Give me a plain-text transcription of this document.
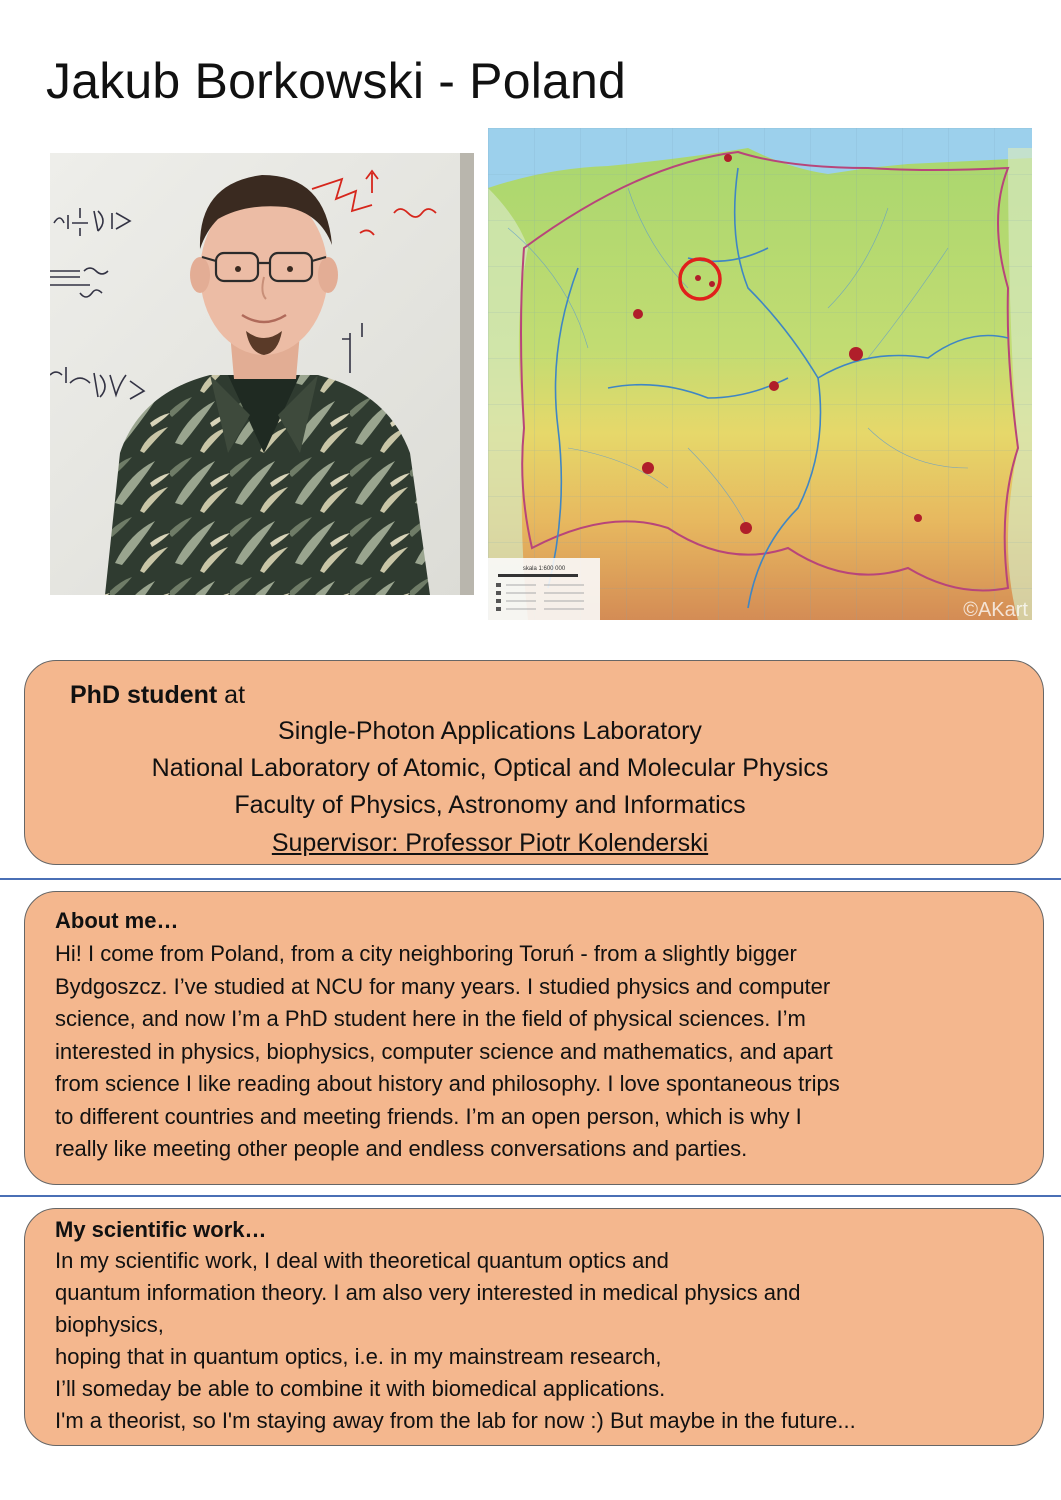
Jakub Borkowski - Poland
skala 1:600 000
©AKart
PhD student at
Single-Photon Applications Laboratory
National Laboratory of Atomic, Optical and Molecular Physics
Faculty of Physics, Astronomy and Informatics
Supervisor: Professor Piotr Kolenderski
About me…
Hi! I come from Poland, from a city neighboring Toruń - from a slightly bigger
Bydgoszcz. I’ve studied at NCU for many years. I studied physics and computer
science, and now I’m a PhD student here in the field of physical sciences. I’m
interested in physics, biophysics, computer science and mathematics, and apart
from science I like reading about history and philosophy. I love spontaneous trips
to different countries and meeting friends. I’m an open person, which is why I
really like meeting other people and endless conversations and parties.
My scientific work…
In my scientific work, I deal with theoretical quantum optics and
quantum information theory. I am also very interested in medical physics and
biophysics,
hoping that in quantum optics, i.e. in my mainstream research,
I’ll someday be able to combine it with biomedical applications.
I'm a theorist, so I'm staying away from the lab for now :) But maybe in the future...
